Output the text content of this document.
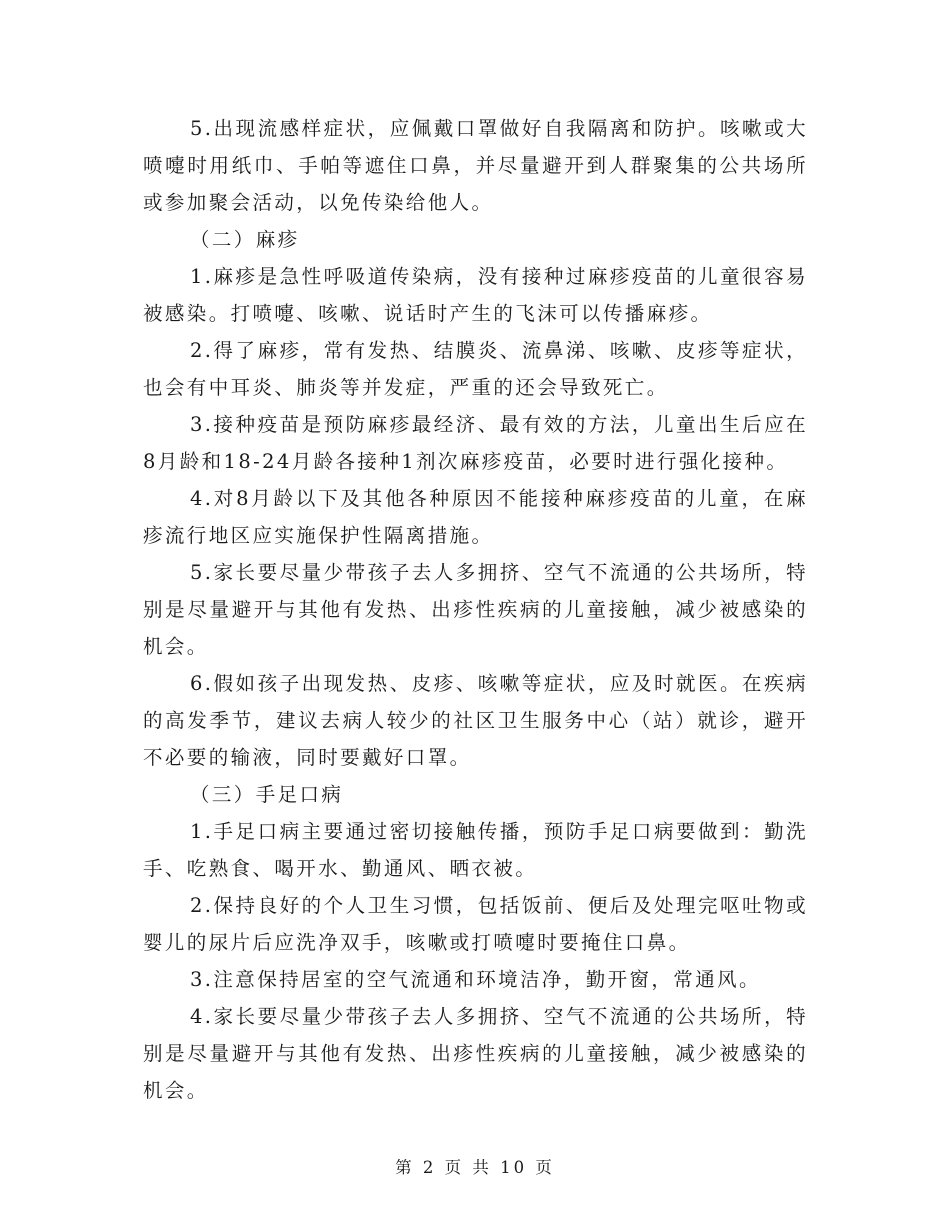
5.出现流感样症状，应佩戴口罩做好自我隔离和防护。咳嗽或大喷嚏时用纸巾、手帕等遮住口鼻，并尽量避开到人群聚集的公共场所或参加聚会活动，以免传染给他人。

（二）麻疹

1.麻疹是急性呼吸道传染病，没有接种过麻疹疫苗的儿童很容易被感染。打喷嚏、咳嗽、说话时产生的飞沫可以传播麻疹。

2.得了麻疹，常有发热、结膜炎、流鼻涕、咳嗽、皮疹等症状，也会有中耳炎、肺炎等并发症，严重的还会导致死亡。

3.接种疫苗是预防麻疹最经济、最有效的方法，儿童出生后应在8月龄和18-24月龄各接种1剂次麻疹疫苗，必要时进行强化接种。

4.对8月龄以下及其他各种原因不能接种麻疹疫苗的儿童，在麻疹流行地区应实施保护性隔离措施。

5.家长要尽量少带孩子去人多拥挤、空气不流通的公共场所，特别是尽量避开与其他有发热、出疹性疾病的儿童接触，减少被感染的机会。

6.假如孩子出现发热、皮疹、咳嗽等症状，应及时就医。在疾病的高发季节，建议去病人较少的社区卫生服务中心（站）就诊，避开不必要的输液，同时要戴好口罩。

（三）手足口病

1.手足口病主要通过密切接触传播，预防手足口病要做到：勤洗手、吃熟食、喝开水、勤通风、晒衣被。

2.保持良好的个人卫生习惯，包括饭前、便后及处理完呕吐物或婴儿的尿片后应洗净双手，咳嗽或打喷嚏时要掩住口鼻。

3.注意保持居室的空气流通和环境洁净，勤开窗，常通风。

4.家长要尽量少带孩子去人多拥挤、空气不流通的公共场所，特别是尽量避开与其他有发热、出疹性疾病的儿童接触，减少被感染的机会。

第 2 页 共 10 页
